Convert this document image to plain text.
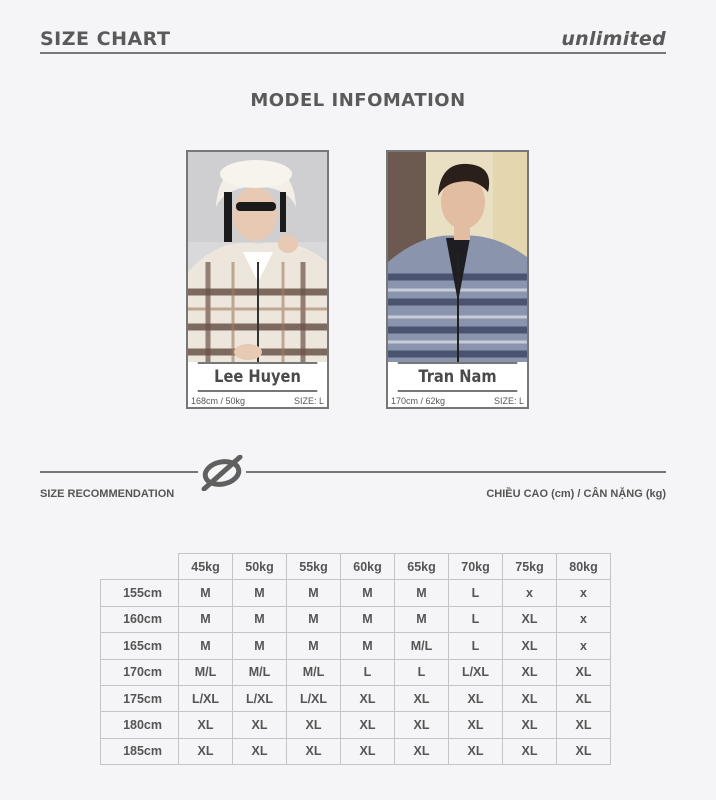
SIZE CHART	unlimited
MODEL INFOMATION
Lee Huyen
168cm / 50kg	SIZE: L
Tran Nam
170cm / 62kg	SIZE: L
SIZE RECOMMENDATION	CHIỀU CAO (cm) / CÂN NẶNG (kg)
	45kg	50kg	55kg	60kg	65kg	70kg	75kg	80kg
155cm	M	M	M	M	M	L	x	x
160cm	M	M	M	M	M	L	XL	x
165cm	M	M	M	M	M/L	L	XL	x
170cm	M/L	M/L	M/L	L	L	L/XL	XL	XL
175cm	L/XL	L/XL	L/XL	XL	XL	XL	XL	XL
180cm	XL	XL	XL	XL	XL	XL	XL	XL
185cm	XL	XL	XL	XL	XL	XL	XL	XL
